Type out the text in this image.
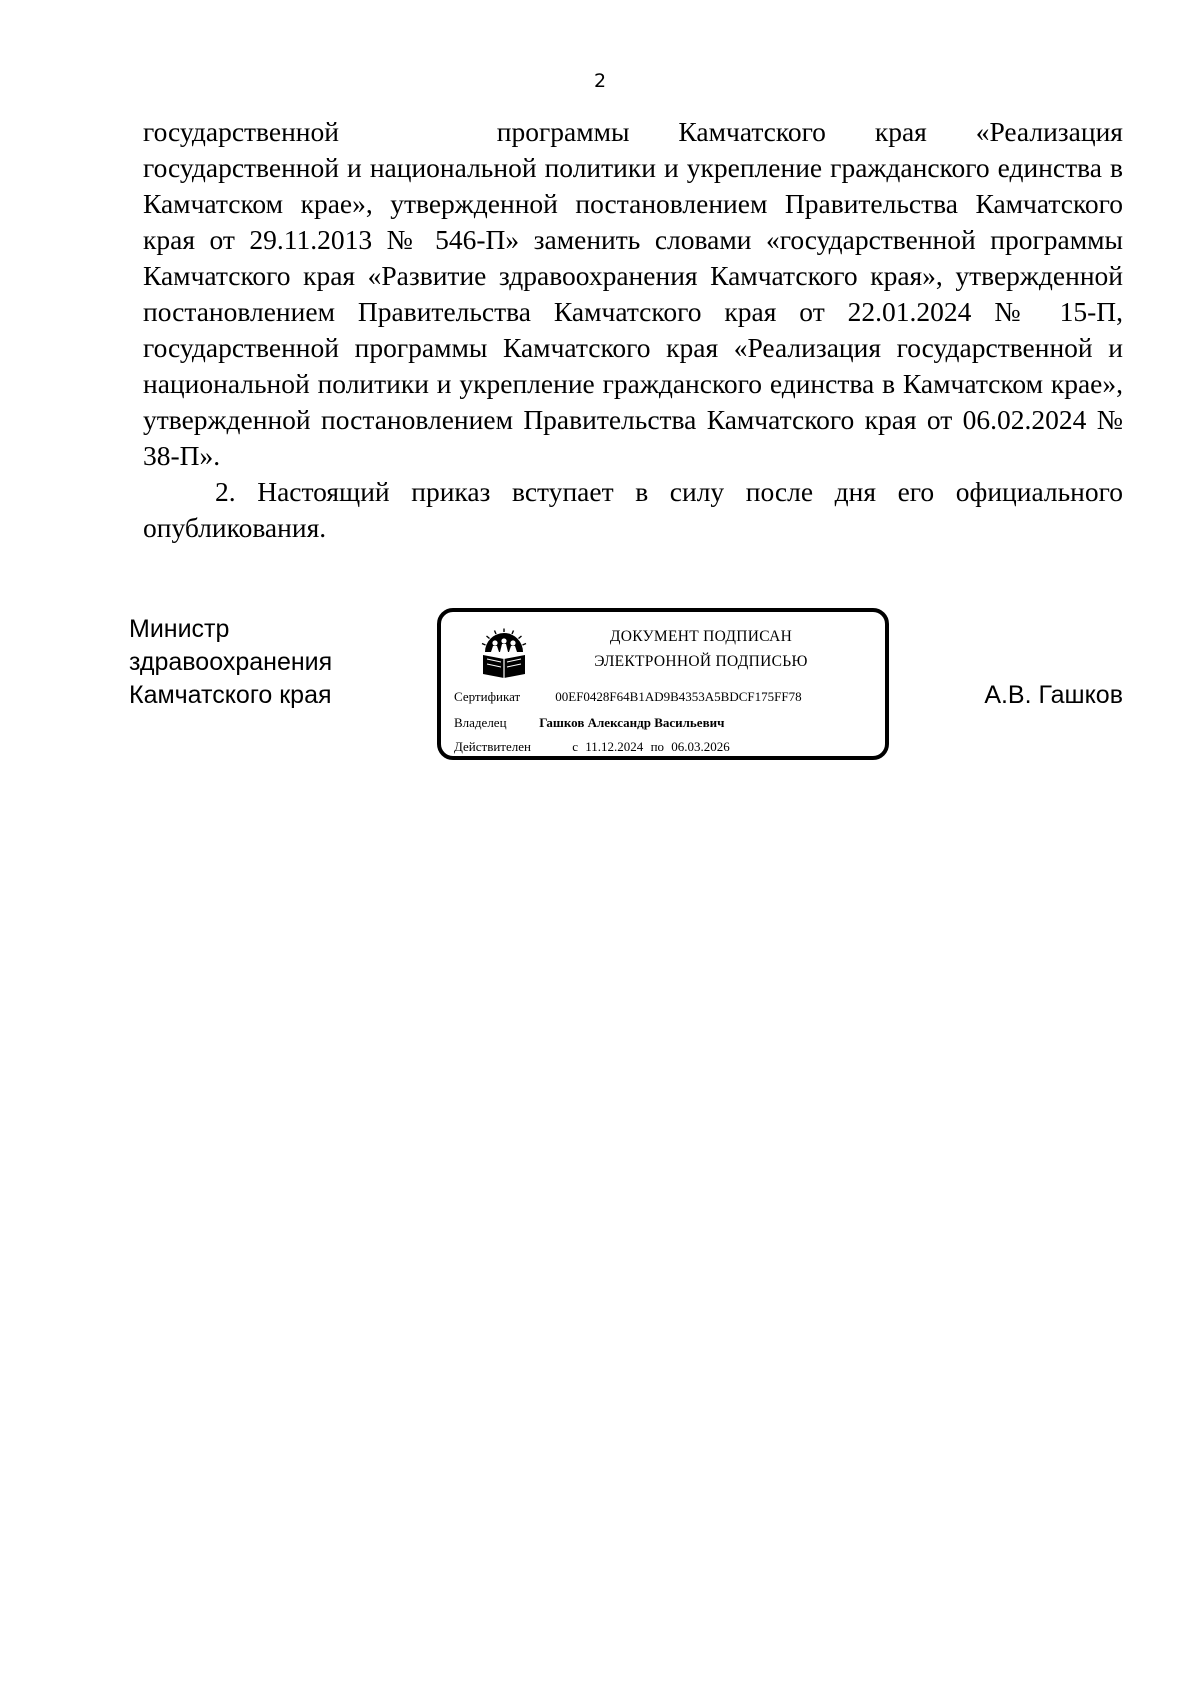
2

государственной	программы Камчатского края «Реализация
государственной и национальной политики и укрепление гражданского единства в Камчатском крае», утвержденной постановлением Правительства Камчатского края от 29.11.2013 № 546-П» заменить словами «государственной программы Камчатского края «Развитие здравоохранения Камчатского края», утвержденной постановлением Правительства Камчатского края от 22.01.2024 № 15-П, государственной программы Камчатского края «Реализация государственной и национальной политики и укрепление гражданского единства в Камчатском крае», утвержденной постановлением Правительства Камчатского края от 06.02.2024 № 38-П».

2. Настоящий приказ вступает в силу после дня его официального опубликования.

Министр
здравоохранения
Камчатского края
ДОКУМЕНТ ПОДПИСАН
ЭЛЕКТРОННОЙ ПОДПИСЬЮ
Сертификат	00EF0428F64B1AD9B4353A5BDCF175FF78
Владелец	Гашков Александр Васильевич
Действителен	с 11.12.2024 по 06.03.2026
А.В. Гашков
